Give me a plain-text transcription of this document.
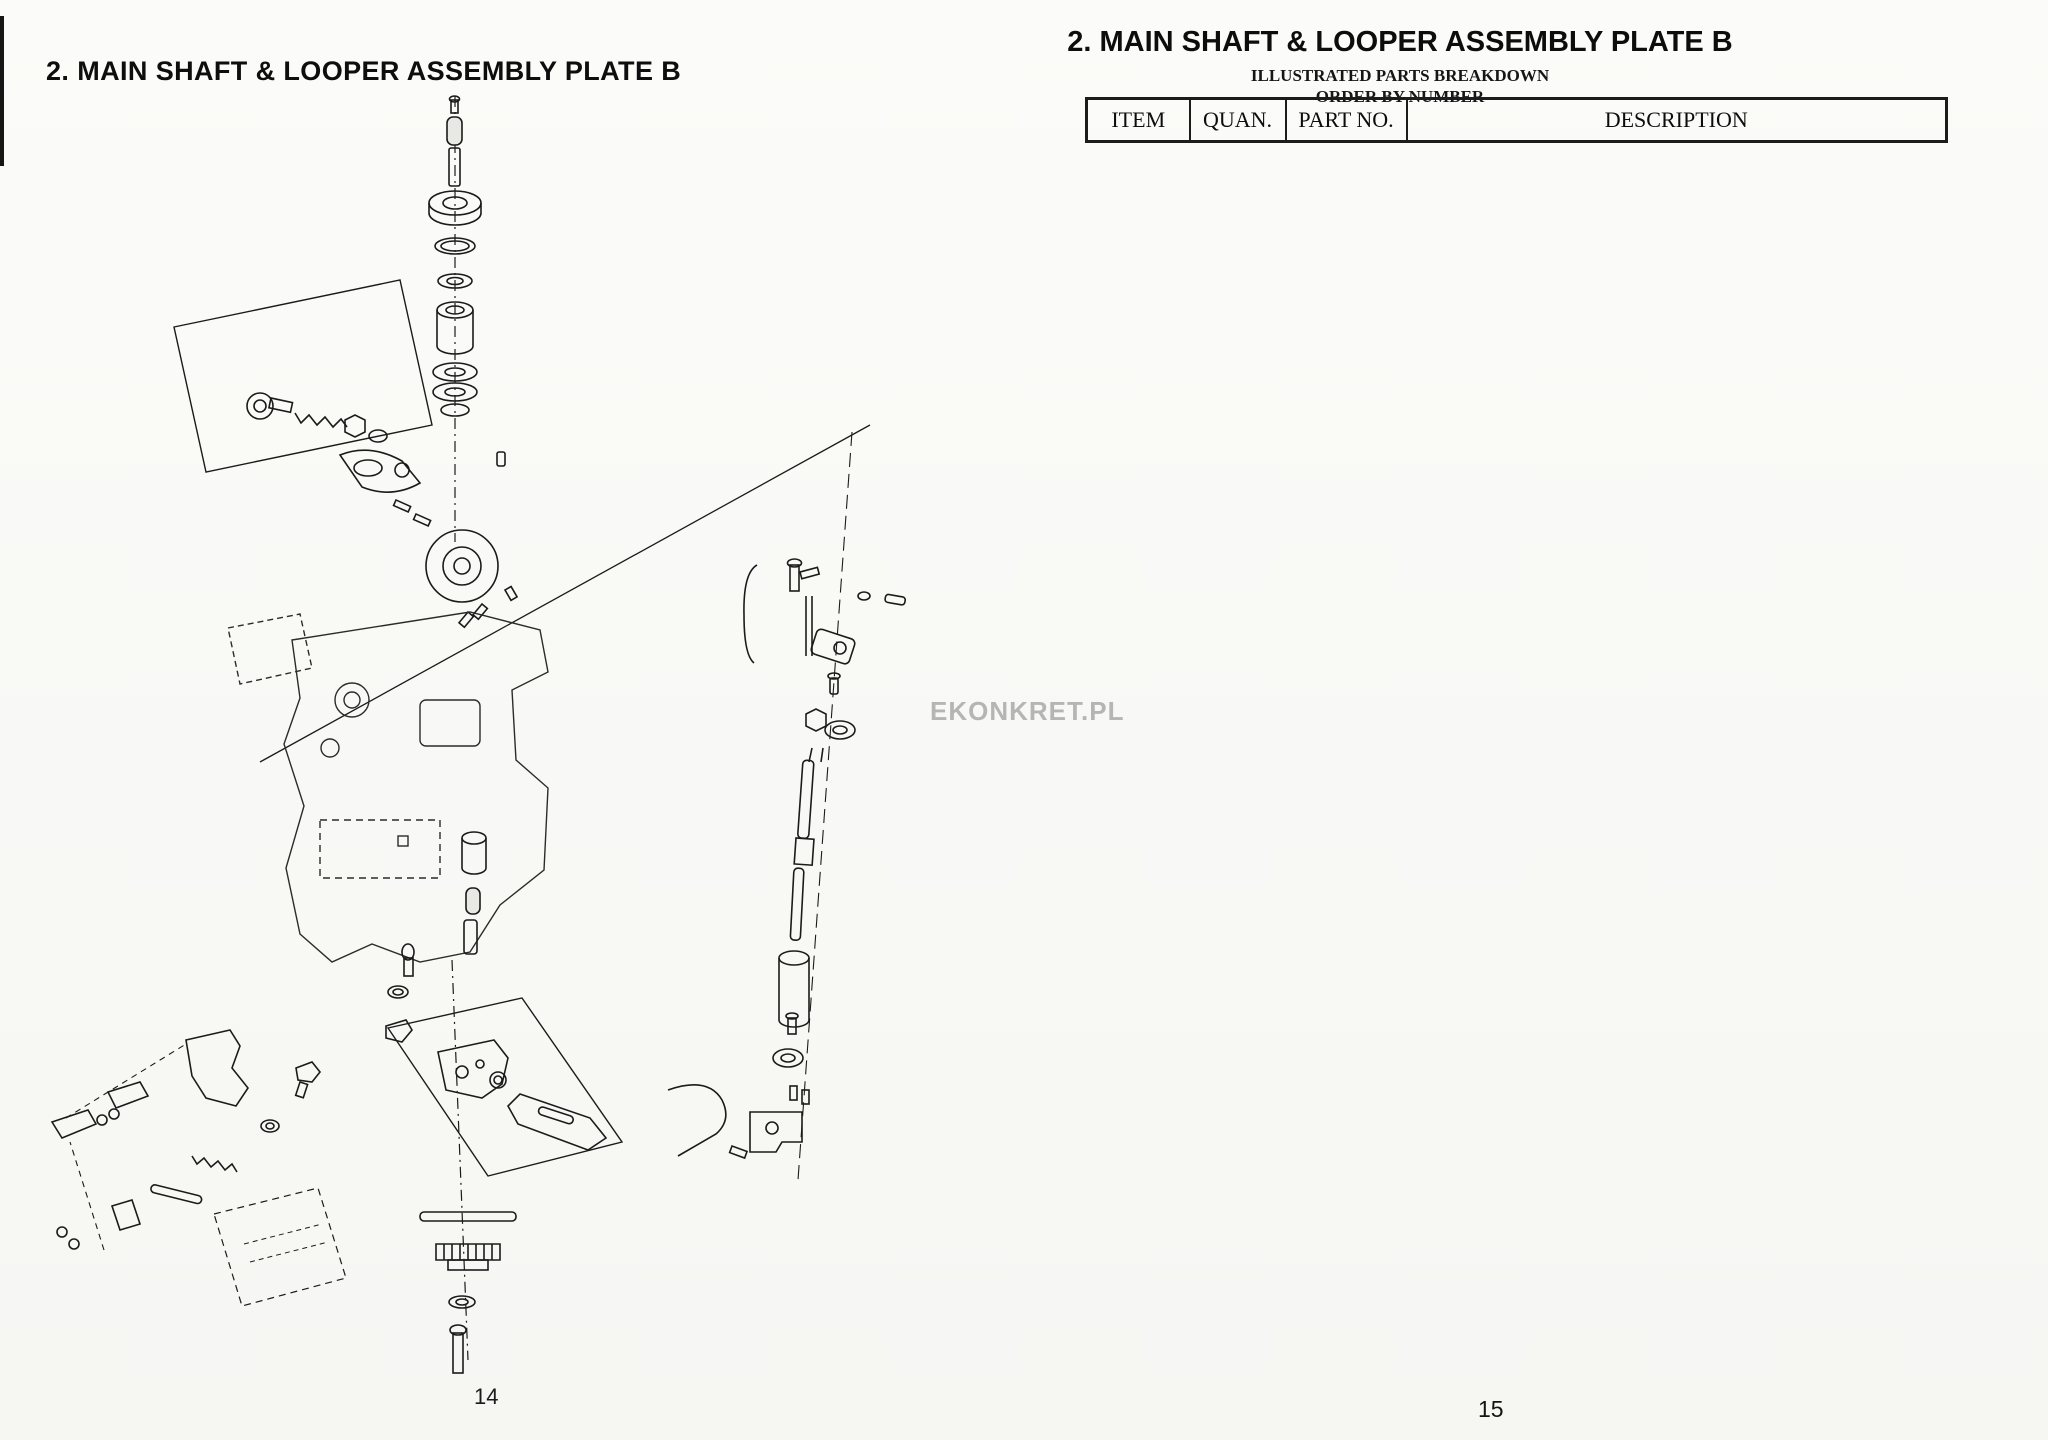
2. MAIN SHAFT & LOOPER ASSEMBLY PLATE B
EKONKRET.PL
14
2. MAIN SHAFT & LOOPER ASSEMBLY PLATE B
ILLUSTRATED PARTS BREAKDOWN
ORDER BY NUMBER
ITEM	QUAN.	PART NO.	DESCRIPTION
15
